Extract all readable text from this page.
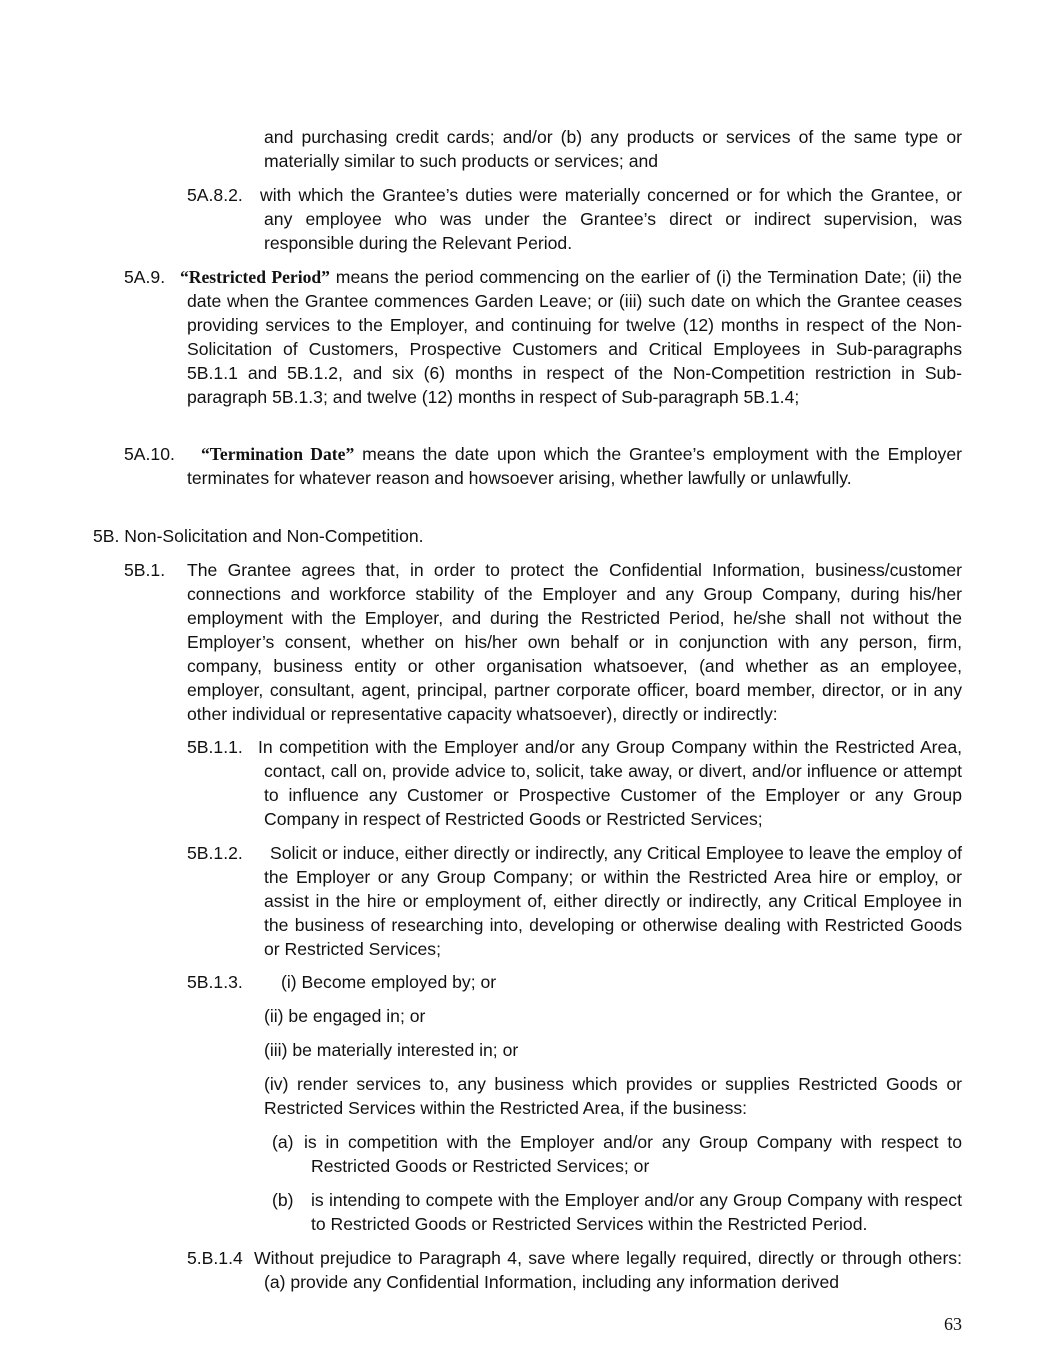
and purchasing credit cards; and/or (b) any products or services of the same type or materially similar to such products or services; and

5A.8.2. with which the Grantee’s duties were materially concerned or for which the Grantee, or any employee who was under the Grantee’s direct or indirect supervision, was responsible during the Relevant Period.

5A.9. “Restricted Period” means the period commencing on the earlier of (i) the Termination Date; (ii) the date when the Grantee commences Garden Leave; or (iii) such date on which the Grantee ceases providing services to the Employer, and continuing for twelve (12) months in respect of the Non-Solicitation of Customers, Prospective Customers and Critical Employees in Sub-paragraphs 5B.1.1 and 5B.1.2, and six (6) months in respect of the Non-Competition restriction in Sub-paragraph 5B.1.3; and twelve (12) months in respect of Sub-paragraph 5B.1.4;

5A.10.	“Termination Date” means the date upon which the Grantee’s employment with the Employer terminates for whatever reason and howsoever arising, whether lawfully or unlawfully.

5B. Non-Solicitation and Non-Competition.

5B.1. The Grantee agrees that, in order to protect the Confidential Information, business/customer connections and workforce stability of the Employer and any Group Company, during his/her employment with the Employer, and during the Restricted Period, he/she shall not without the Employer’s consent, whether on his/her own behalf or in conjunction with any person, firm, company, business entity or other organisation whatsoever, (and whether as an employee, employer, consultant, agent, principal, partner corporate officer, board member, director, or in any other individual or representative capacity whatsoever), directly or indirectly:

5B.1.1. In competition with the Employer and/or any Group Company within the Restricted Area, contact, call on, provide advice to, solicit, take away, or divert, and/or influence or attempt to influence any Customer or Prospective Customer of the Employer or any Group Company in respect of Restricted Goods or Restricted Services;

5B.1.2.	Solicit or induce, either directly or indirectly, any Critical Employee to leave the employ of the Employer or any Group Company; or within the Restricted Area hire or employ, or assist in the hire or employment of, either directly or indirectly, any Critical Employee in the business of researching into, developing or otherwise dealing with Restricted Goods or Restricted Services;

5B.1.3. (i) Become employed by; or

(ii) be engaged in; or

(iii) be materially interested in; or

(iv) render services to, any business which provides or supplies Restricted Goods or Restricted Services within the Restricted Area, if the business:

(a) is in competition with the Employer and/or any Group Company with respect to Restricted Goods or Restricted Services; or

(b) is intending to compete with the Employer and/or any Group Company with respect to Restricted Goods or Restricted Services within the Restricted Period.

5.B.1.4 Without prejudice to Paragraph 4, save where legally required, directly or through others: (a) provide any Confidential Information, including any information derived

63
